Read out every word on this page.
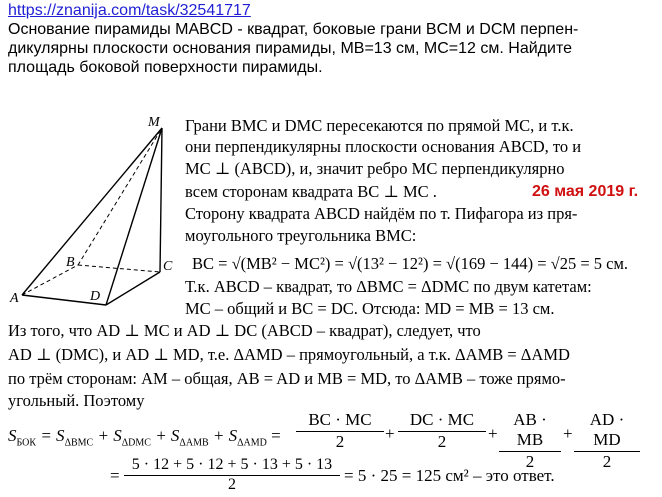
https://znanija.com/task/32541717
Основание пирамиды MABCD - квадрат, боковые грани BCM и DCM перпен-
дикулярны плоскости основания пирамиды, MB=13 см, MC=12 см. Найдите
площадь боковой поверхности пирамиды.
M
A
B	C
D
Грани BMC и DMC пересекаются по прямой MC, и т.к.
они перпендикулярны плоскости основания ABCD, то и
MC ⊥ (ABCD), и, значит ребро MC перпендикулярно
всем сторонам квадрата BC ⊥ MC .	26 мая 2019 г.
Сторону квадрата ABCD найдём по т. Пифагора из пря-
моугольного треугольника BMC:
BC = √(MB² − MC²) = √(13² − 12²) = √(169 − 144) = √25 = 5 см.
Т.к. ABCD – квадрат, то ΔBMC = ΔDMC по двум катетам:
MC – общий и BC = DC. Отсюда: MD = MB = 13 см.
Из того, что AD ⊥ MC и AD ⊥ DC (ABCD – квадрат), следует, что
AD ⊥ (DMC), и AD ⊥ MD, т.е. ΔAMD – прямоугольный, а т.к. ΔAMB = ΔAMD
по трём сторонам: AM – общая, AB = AD и MB = MD, то ΔAMB – тоже прямо-
угольный. Поэтому
$S_{БОК} = S_{\Delta BMC} + S_{\Delta DMC} + S_{\Delta AMB} + S_{\Delta AMD}$ =
BC · MC
2	+
DC · MC
2	+
AB · MB
2
+
AD · MD
2
=
5 · 12 + 5 · 12 + 5 · 13 + 5 · 13
2	= 5 · 25 = 125 см² – это ответ.
